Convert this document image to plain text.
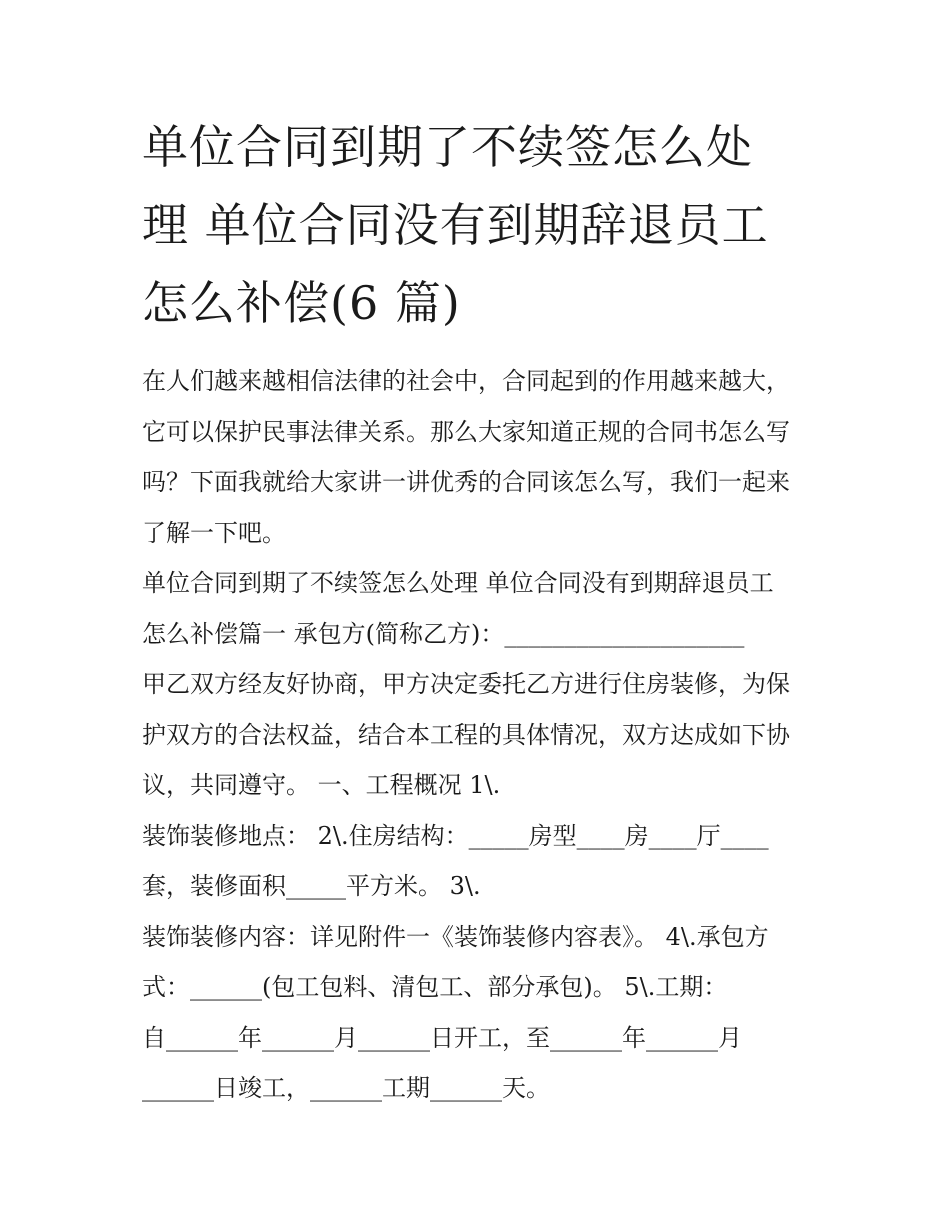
单位合同到期了不续签怎么处
理 单位合同没有到期辞退员工
怎么补偿(6 篇)

在人们越来越相信法律的社会中，合同起到的作用越来越大，
它可以保护民事法律关系。那么大家知道正规的合同书怎么写
吗？下面我就给大家讲一讲优秀的合同该怎么写，我们一起来
了解一下吧。

单位合同到期了不续签怎么处理 单位合同没有到期辞退员工
怎么补偿篇一 承包方(简称乙方)：____________________

甲乙双方经友好协商，甲方决定委托乙方进行住房装修，为保
护双方的合法权益，结合本工程的具体情况，双方达成如下协
议，共同遵守。 一、工程概况 1\.

装饰装修地点： 2\.住房结构：_____房型____房____厅____
套，装修面积_____平方米。 3\.

装饰装修内容：详见附件一《装饰装修内容表》。 4\.承包方
式：______(包工包料、清包工、部分承包)。 5\.工期：
自______年______月______日开工，至______年______月
______日竣工，______工期______天。
